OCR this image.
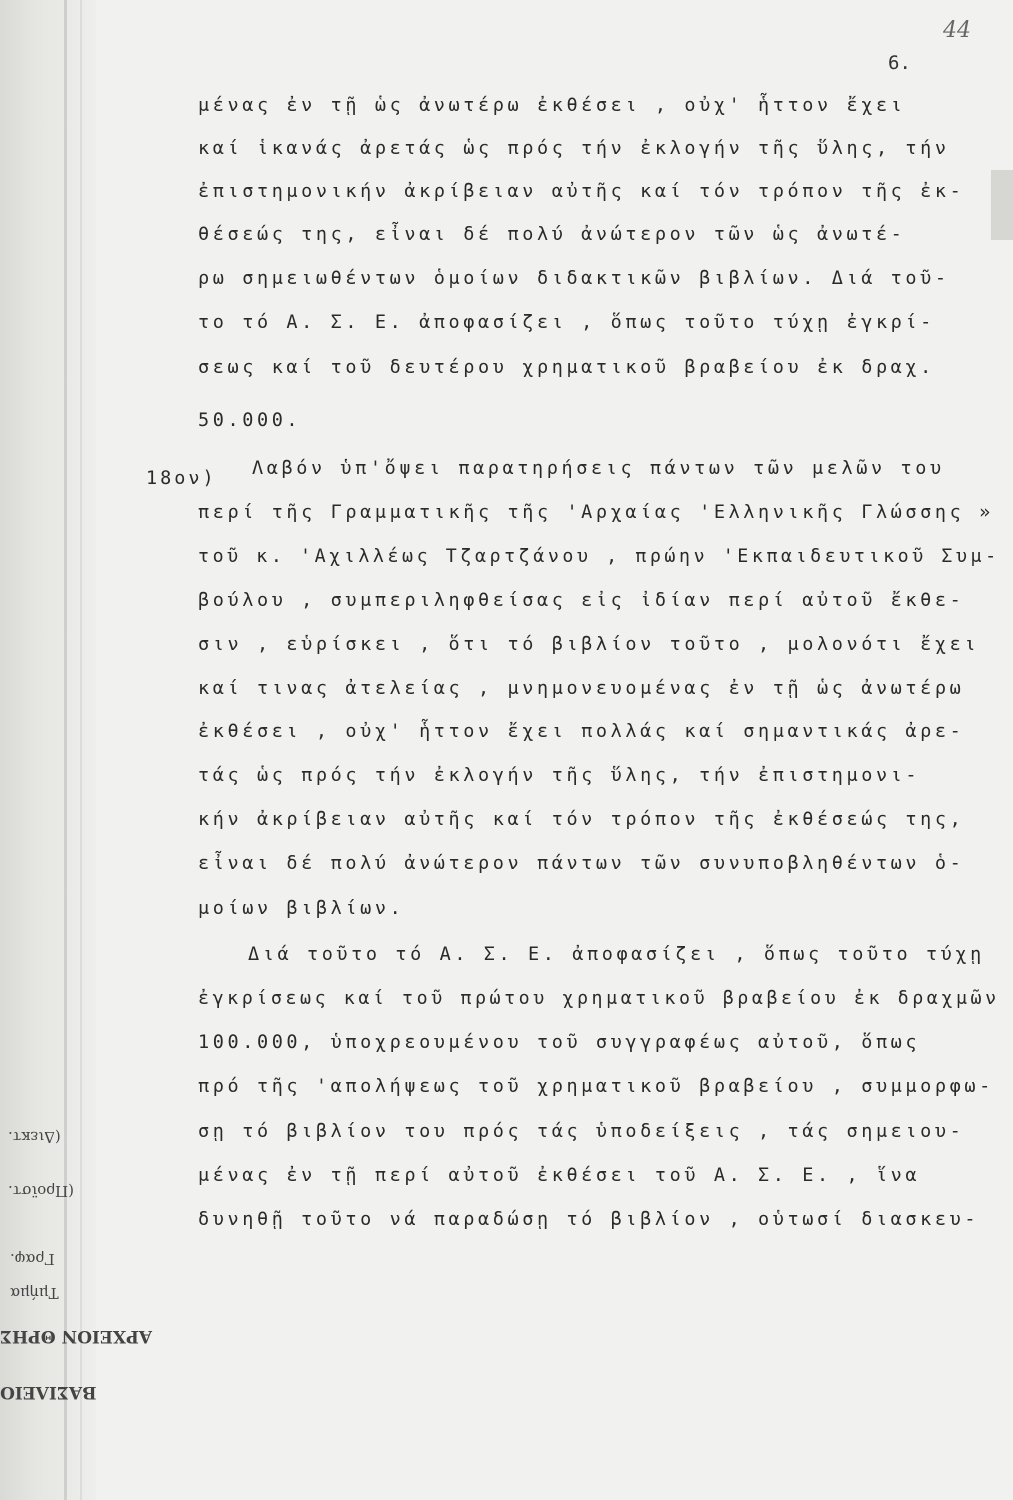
(Διεκτ.
(Προϊστ.
Γραφ.
Τμήμα
ΑΡΧΕΙΟΝ ΘΡΗΣ
ΒΑΣΙΛΕΙΟ
44
6.
μένας ἐν τῇ ὡς ἀνωτέρω ἐκθέσει , οὐχ' ἧττον ἔχει
καί ἱκανάς ἀρετάς ὡς πρός τήν ἐκλογήν τῆς ὕλης, τήν
ἐπιστημονικήν ἀκρίβειαν αὐτῆς καί τόν τρόπον τῆς ἐκ-
θέσεώς της, εἶναι δέ πολύ ἀνώτερον τῶν ὡς ἀνωτέ-
ρω σημειωθέντων ὁμοίων διδακτικῶν βιβλίων. Διά τοῦ-
το τό Α. Σ. Ε. ἀποφασίζει , ὅπως τοῦτο τύχῃ ἐγκρί-
σεως καί τοῦ δευτέρου χρηματικοῦ βραβείου ἐκ δραχ.
50.000.
18ον) Λαβόν ὑπ'ὄψει παρατηρήσεις πάντων τῶν μελῶν του
περί τῆς Γραμματικῆς τῆς 'Αρχαίας 'Ελληνικῆς Γλώσσης »
τοῦ κ. 'Αχιλλέως Τζαρτζάνου , πρώην 'Εκπαιδευτικοῦ Συμ-
βούλου , συμπεριληφθείσας εἰς ἰδίαν περί αὐτοῦ ἔκθε-
σιν , εὑρίσκει , ὅτι τό βιβλίον τοῦτο , μολονότι ἔχει
καί τινας ἀτελείας , μνημονευομένας ἐν τῇ ὡς ἀνωτέρω
ἐκθέσει , οὐχ' ἧττον ἔχει πολλάς καί σημαντικάς ἀρε-
τάς ὡς πρός τήν ἐκλογήν τῆς ὕλης, τήν ἐπιστημονι-
κήν ἀκρίβειαν αὐτῆς καί τόν τρόπον τῆς ἐκθέσεώς της,
εἶναι δέ πολύ ἀνώτερον πάντων τῶν συνυποβληθέντων ὁ-
μοίων βιβλίων.
Διά τοῦτο τό Α. Σ. Ε. ἀποφασίζει , ὅπως τοῦτο τύχῃ
ἐγκρίσεως καί τοῦ πρώτου χρηματικοῦ βραβείου ἐκ δραχμῶν
100.000, ὑποχρεουμένου τοῦ συγγραφέως αὐτοῦ, ὅπως
πρό τῆς 'απολήψεως τοῦ χρηματικοῦ βραβείου , συμμορφω-
σῃ τό βιβλίον του πρός τάς ὑποδείξεις , τάς σημειου-
μένας ἐν τῇ περί αὐτοῦ ἐκθέσει τοῦ Α. Σ. Ε. , ἵνα
δυνηθῇ τοῦτο νά παραδώσῃ τό βιβλίον , οὑτωσί διασκευ-
